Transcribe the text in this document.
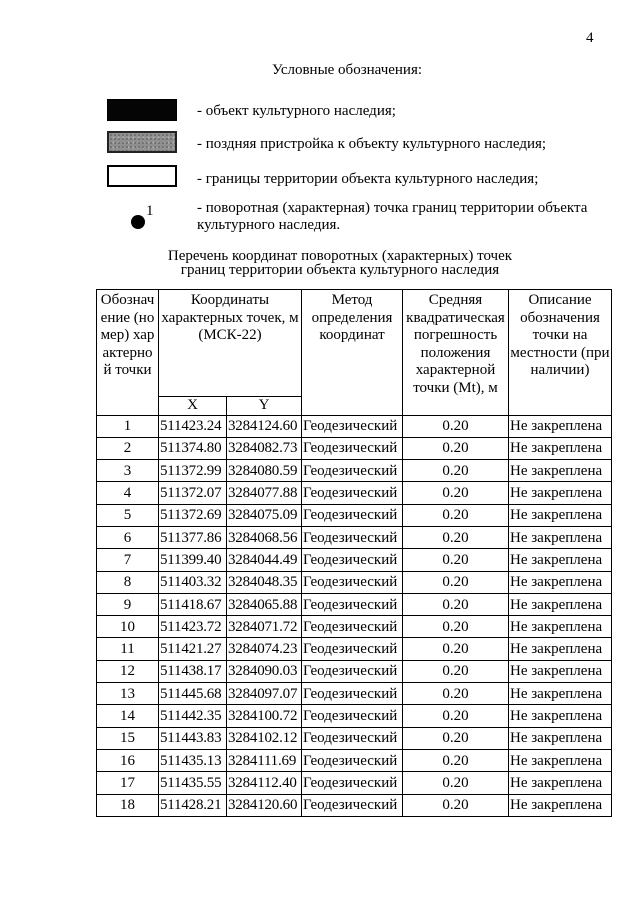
4
Условные обозначения:
- объект культурного наследия;
- поздняя пристройка к объекту культурного наследия;
- границы территории объекта культурного наследия;
1	- поворотная (характерная) точка границ территории объекта культурного наследия.
Перечень координат поворотных (характерных) точек
границ территории объекта культурного наследия
Обозначение (номер) характерной точки	Координаты характерных точек, м (МСК-22)		Метод определения координат	Средняя квадратическая погрешность положения характерной точки (Mt), м	Описание обозначения точки на местности (при наличии)
	X	Y			
1	511423.24	3284124.60	Геодезический	0.20	Не закреплена
2	511374.80	3284082.73	Геодезический	0.20	Не закреплена
3	511372.99	3284080.59	Геодезический	0.20	Не закреплена
4	511372.07	3284077.88	Геодезический	0.20	Не закреплена
5	511372.69	3284075.09	Геодезический	0.20	Не закреплена
6	511377.86	3284068.56	Геодезический	0.20	Не закреплена
7	511399.40	3284044.49	Геодезический	0.20	Не закреплена
8	511403.32	3284048.35	Геодезический	0.20	Не закреплена
9	511418.67	3284065.88	Геодезический	0.20	Не закреплена
10	511423.72	3284071.72	Геодезический	0.20	Не закреплена
11	511421.27	3284074.23	Геодезический	0.20	Не закреплена
12	511438.17	3284090.03	Геодезический	0.20	Не закреплена
13	511445.68	3284097.07	Геодезический	0.20	Не закреплена
14	511442.35	3284100.72	Геодезический	0.20	Не закреплена
15	511443.83	3284102.12	Геодезический	0.20	Не закреплена
16	511435.13	3284111.69	Геодезический	0.20	Не закреплена
17	511435.55	3284112.40	Геодезический	0.20	Не закреплена
18	511428.21	3284120.60	Геодезический	0.20	Не закреплена
